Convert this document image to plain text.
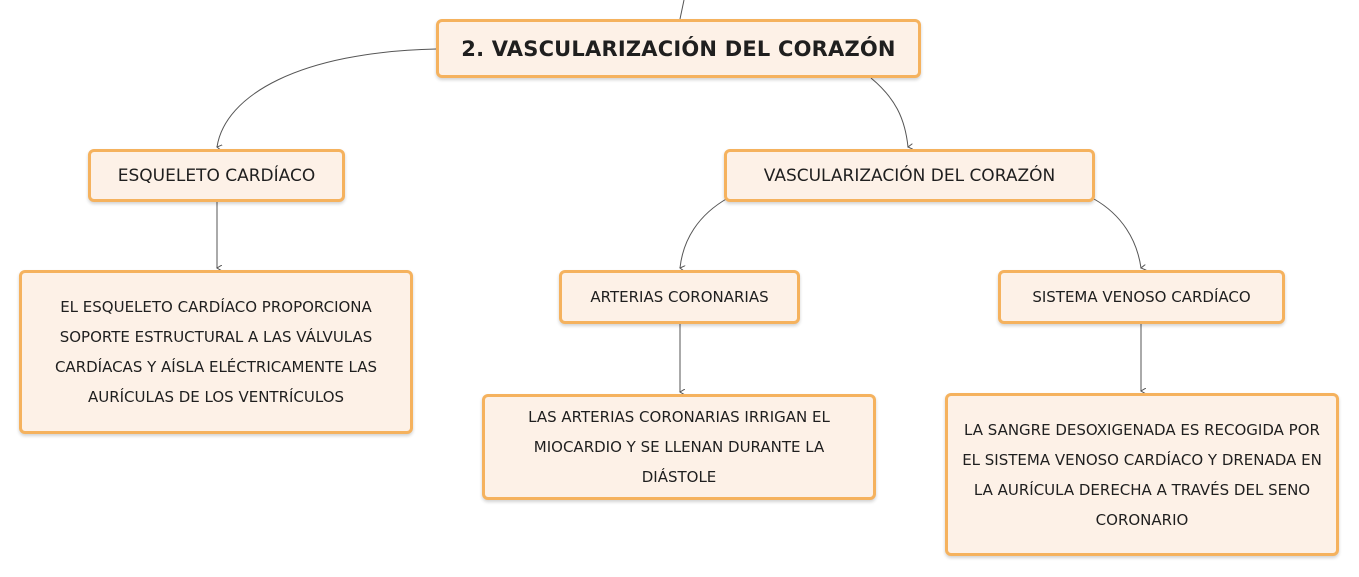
2. VASCULARIZACIÓN DEL CORAZÓN
ESQUELETO CARDÍACO	VASCULARIZACIÓN DEL CORAZÓN
ARTERIAS CORONARIAS	SISTEMA VENOSO CARDÍACO
EL ESQUELETO CARDÍACO PROPORCIONA SOPORTE ESTRUCTURAL A LAS VÁLVULAS CARDÍACAS Y AÍSLA ELÉCTRICAMENTE LAS AURÍCULAS DE LOS VENTRÍCULOS
LAS ARTERIAS CORONARIAS IRRIGAN EL MIOCARDIO Y SE LLENAN DURANTE LA DIÁSTOLE
LA SANGRE DESOXIGENADA ES RECOGIDA POR EL SISTEMA VENOSO CARDÍACO Y DRENADA EN LA AURÍCULA DERECHA A TRAVÉS DEL SENO CORONARIO
